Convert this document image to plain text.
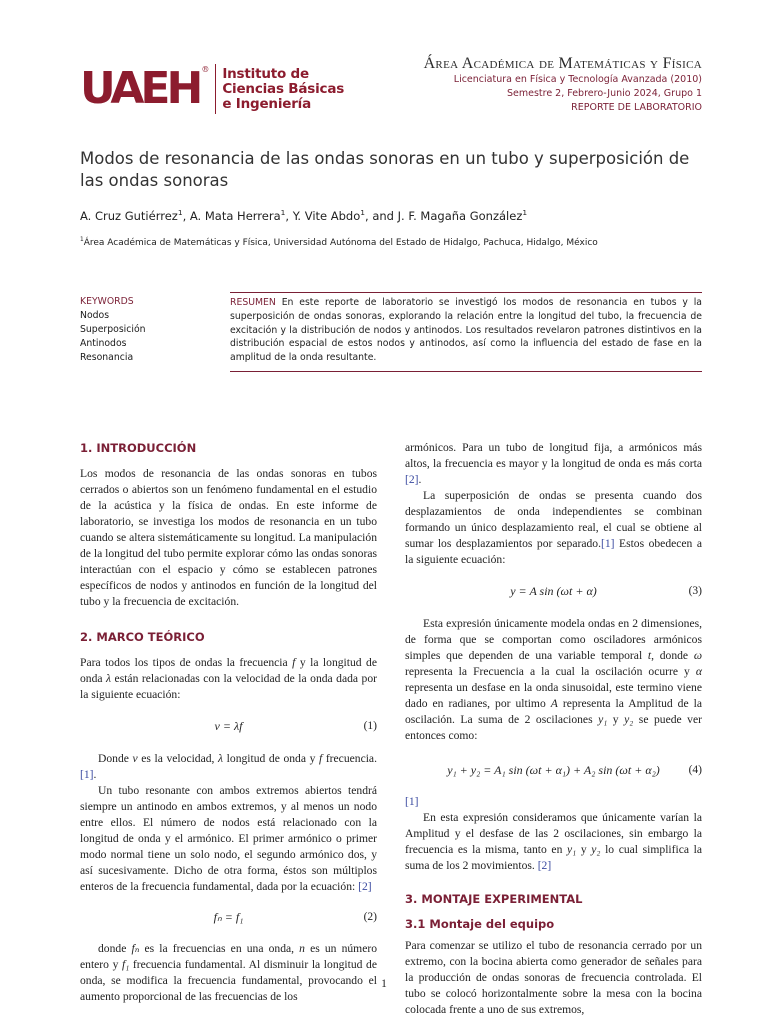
UAEH ® Instituto de
Ciencias Básicas
e Ingeniería
Área Académica de Matemáticas y Física
Licenciatura en Física y Tecnología Avanzada (2010)
Semestre 2, Febrero-Junio 2024, Grupo 1
REPORTE DE LABORATORIO
Modos de resonancia de las ondas sonoras en un tubo y superposición de las ondas sonoras
A. Cruz Gutiérrez$^1$, A. Mata Herrera$^1$, Y. Vite Abdo$^1$, and J. F. Magaña González$^1$
$^1$Área Académica de Matemáticas y Física, Universidad Autónoma del Estado de Hidalgo, Pachuca, Hidalgo, México
KEYWORDS
Nodos
Superposición
Antinodos
Resonancia

RESUMEN En este reporte de laboratorio se investigó los modos de resonancia en tubos y la superposición de ondas sonoras, explorando la relación entre la longitud del tubo, la frecuencia de excitación y la distribución de nodos y antinodos. Los resultados revelaron patrones distintivos en la distribución espacial de estos nodos y antinodos, así como la influencia del estado de fase en la amplitud de la onda resultante.

1. INTRODUCCIÓN

Los modos de resonancia de las ondas sonoras en tubos cerrados o abiertos son un fenómeno fundamental en el estudio de la acústica y la física de ondas. En este informe de laboratorio, se investiga los modos de resonancia en un tubo cuando se altera sistemáticamente su longitud. La manipulación de la longitud del tubo permite explorar cómo las ondas sonoras interactúan con el espacio y cómo se establecen patrones específicos de nodos y antinodos en función de la longitud del tubo y la frecuencia de excitación.

2. MARCO TEÓRICO

Para todos los tipos de ondas la frecuencia f y la longitud de onda λ están relacionadas con la velocidad de la onda dada por la siguiente ecuación:

v = λf	(1)

Donde v es la velocidad, λ longitud de onda y f frecuencia.[1].

Un tubo resonante con ambos extremos abiertos tendrá siempre un antinodo en ambos extremos, y al menos un nodo entre ellos. El número de nodos está relacionado con la longitud de onda y el armónico. El primer armónico o primer modo normal tiene un solo nodo, el segundo armónico dos, y así sucesivamente. Dicho de otra forma, éstos son múltiplos enteros de la frecuencia fundamental, dada por la ecuación: [2]

fₙ = f₁	(2)

donde fₙ es la frecuencias en una onda, n es un número entero y f₁ frecuencia fundamental. Al disminuir la longitud de onda, se modifica la frecuencia fundamental, provocando el aumento proporcional de las frecuencias de los

armónicos. Para un tubo de longitud fija, a armónicos más altos, la frecuencia es mayor y la longitud de onda es más corta [2].

La superposición de ondas se presenta cuando dos desplazamientos de onda independientes se combinan formando un único desplazamiento real, el cual se obtiene al sumar los desplazamientos por separado.[1] Estos obedecen a la siguiente ecuación:

y = A sin (ωt + α)	(3)

Esta expresión únicamente modela ondas en 2 dimensiones, de forma que se comportan como osciladores armónicos simples que dependen de una variable temporal t, donde ω representa la Frecuencia a la cual la oscilación ocurre y α representa un desfase en la onda sinusoidal, este termino viene dado en radianes, por ultimo A representa la Amplitud de la oscilación. La suma de 2 oscilaciones y₁ y y₂ se puede ver entonces como:

y₁ + y₂ = A₁ sin (ωt + α₁) + A₂ sin (ωt + α₂)	(4)

[1]

En esta expresión consideramos que únicamente varían la Amplitud y el desfase de las 2 oscilaciones, sin embargo la frecuencia es la misma, tanto en y₁ y y₂ lo cual simplifica la suma de los 2 movimientos. [2]

3. MONTAJE EXPERIMENTAL
3.1 Montaje del equipo

Para comenzar se utilizo el tubo de resonancia cerrado por un extremo, con la bocina abierta como generador de señales para la producción de ondas sonoras de frecuencia controlada. El tubo se colocó horizontalmente sobre la mesa con la bocina colocada frente a uno de sus extremos,

1
